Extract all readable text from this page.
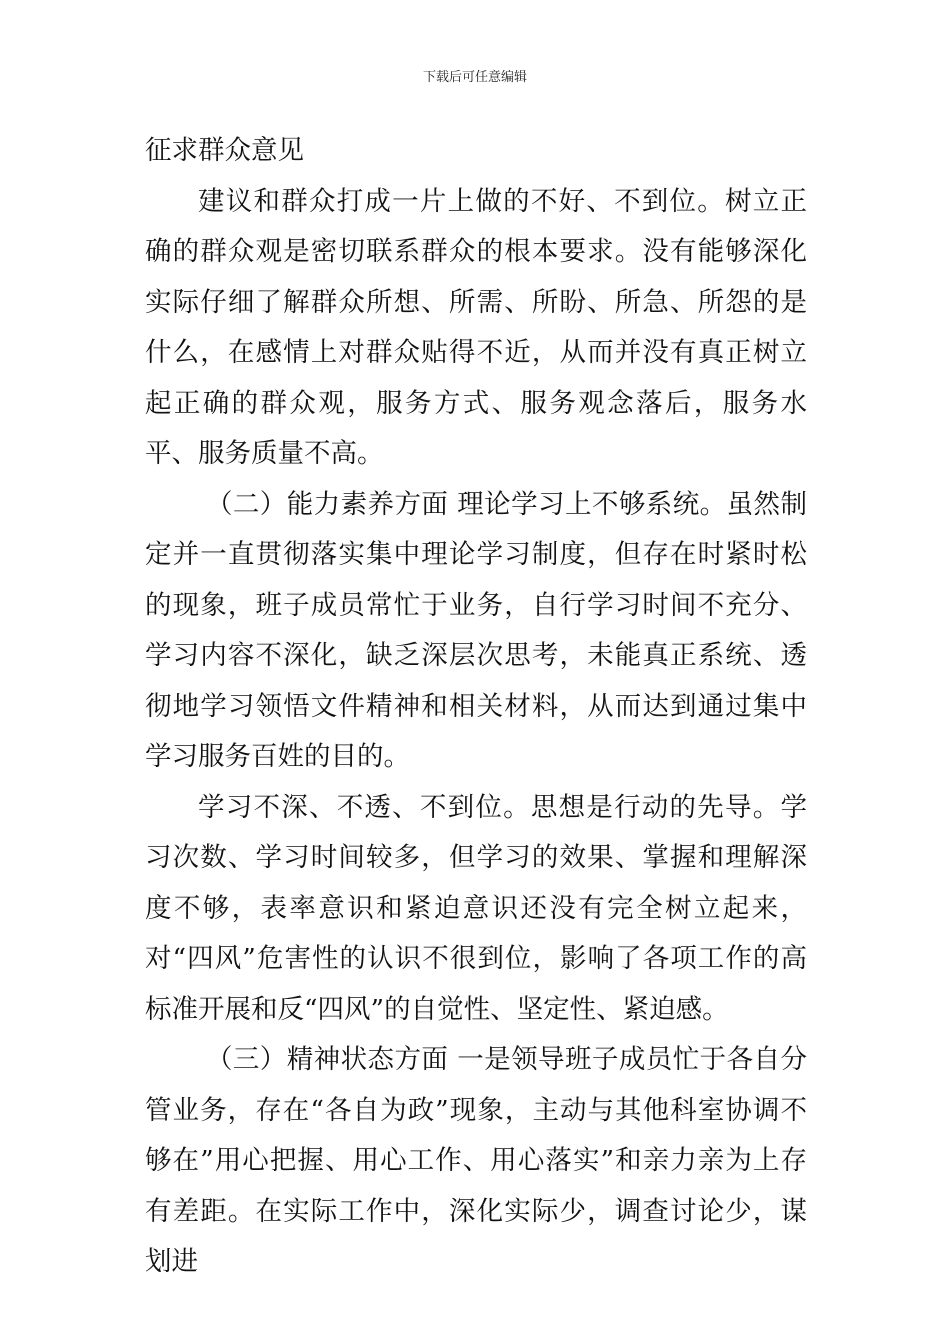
下载后可任意编辑

征求群众意见

建议和群众打成一片上做的不好、不到位。树立正确的群众观是密切联系群众的根本要求。没有能够深化实际仔细了解群众所想、所需、所盼、所急、所怨的是什么，在感情上对群众贴得不近，从而并没有真正树立起正确的群众观，服务方式、服务观念落后，服务水平、服务质量不高。

（二）能力素养方面 理论学习上不够系统。虽然制定并一直贯彻落实集中理论学习制度，但存在时紧时松的现象，班子成员常忙于业务，自行学习时间不充分、学习内容不深化，缺乏深层次思考，未能真正系统、透彻地学习领悟文件精神和相关材料，从而达到通过集中学习服务百姓的目的。

学习不深、不透、不到位。思想是行动的先导。学习次数、学习时间较多，但学习的效果、掌握和理解深度不够，表率意识和紧迫意识还没有完全树立起来，对“四风”危害性的认识不很到位，影响了各项工作的高标准开展和反“四风”的自觉性、坚定性、紧迫感。

（三）精神状态方面 一是领导班子成员忙于各自分管业务，存在“各自为政”现象，主动与其他科室协调不够在”用心把握、用心工作、用心落实”和亲力亲为上存有差距。在实际工作中，深化实际少，调查讨论少，谋划进
